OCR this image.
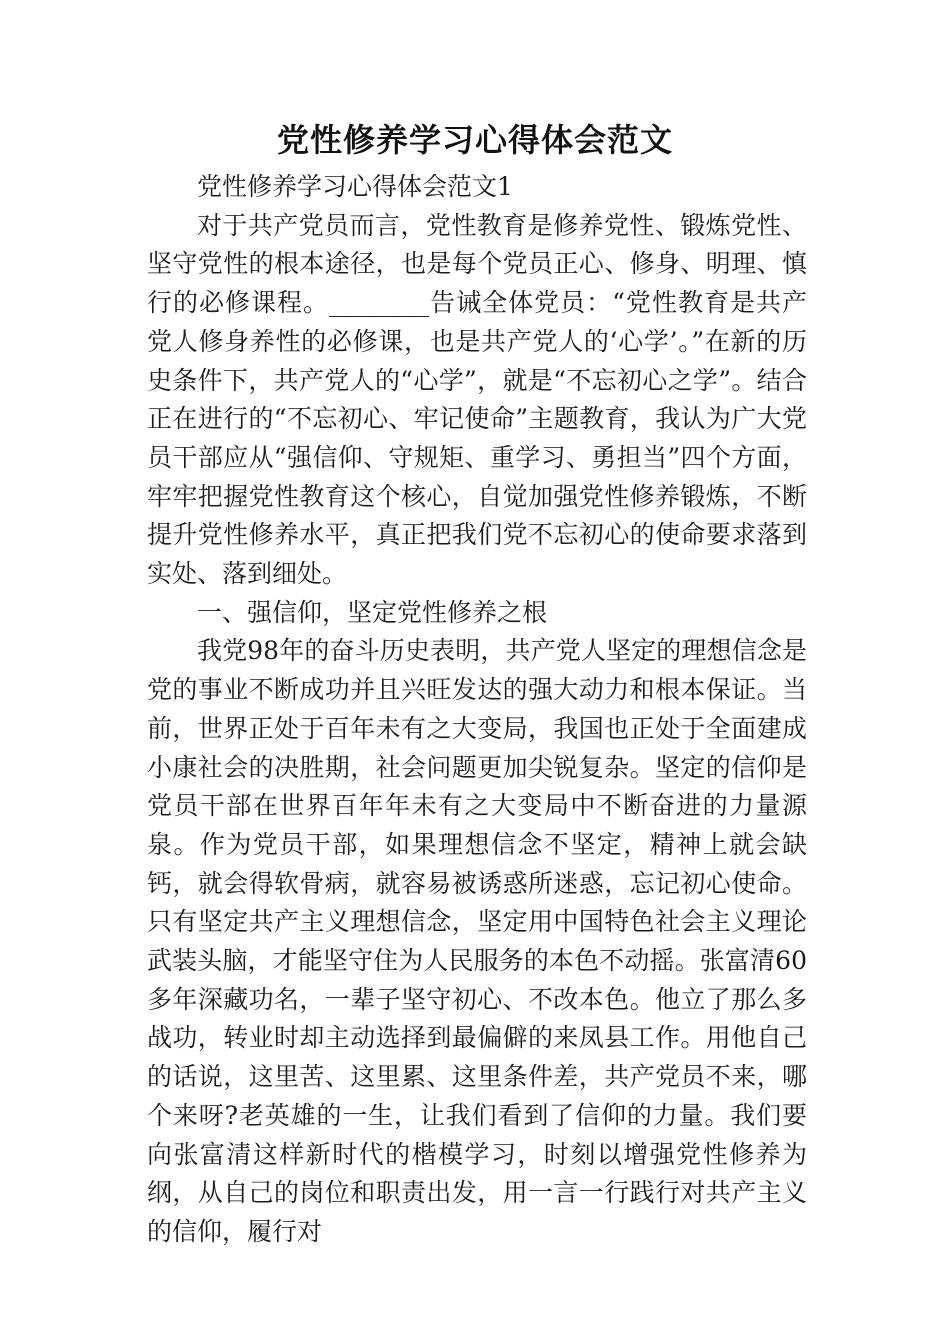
党性修养学习心得体会范文

党性修养学习心得体会范文1

对于共产党员而言，党性教育是修养党性、锻炼党性、坚守党性的根本途径，也是每个党员正心、修身、明理、慎行的必修课程。________告诫全体党员：“党性教育是共产党人修身养性的必修课，也是共产党人的‘心学’。”在新的历史条件下，共产党人的“心学”，就是“不忘初心之学”。结合正在进行的“不忘初心、牢记使命”主题教育，我认为广大党员干部应从“强信仰、守规矩、重学习、勇担当”四个方面，牢牢把握党性教育这个核心，自觉加强党性修养锻炼，不断提升党性修养水平，真正把我们党不忘初心的使命要求落到实处、落到细处。

一、强信仰，坚定党性修养之根

我党98年的奋斗历史表明，共产党人坚定的理想信念是党的事业不断成功并且兴旺发达的强大动力和根本保证。当前，世界正处于百年未有之大变局，我国也正处于全面建成小康社会的决胜期，社会问题更加尖锐复杂。坚定的信仰是党员干部在世界百年年未有之大变局中不断奋进的力量源泉。作为党员干部，如果理想信念不坚定，精神上就会缺钙，就会得软骨病，就容易被诱惑所迷惑，忘记初心使命。只有坚定共产主义理想信念，坚定用中国特色社会主义理论武装头脑，才能坚守住为人民服务的本色不动摇。张富清60多年深藏功名，一辈子坚守初心、不改本色。他立了那么多战功，转业时却主动选择到最偏僻的来凤县工作。用他自己的话说，这里苦、这里累、这里条件差，共产党员不来，哪个来呀?老英雄的一生，让我们看到了信仰的力量。我们要向张富清这样新时代的楷模学习，时刻以增强党性修养为纲，从自己的岗位和职责出发，用一言一行践行对共产主义的信仰，履行对
